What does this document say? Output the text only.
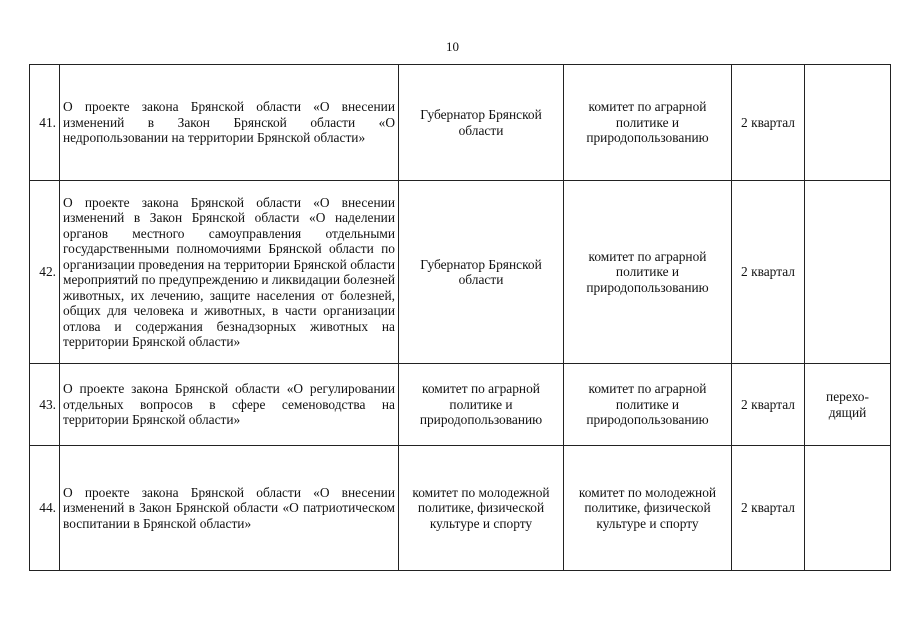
10
41.	О проекте закона Брянской области «О внесении изменений в Закон Брянской области «О недропользовании на территории Брянской области»	Губернатор Брянской области	комитет по аграрной политике и природопользованию	2 квартал	
42.	О проекте закона Брянской области «О внесении изменений в Закон Брянской области «О наделении органов местного самоуправления отдельными государственными полномочиями Брянской области по организации проведения на территории Брянской области мероприятий по предупреждению и ликвидации болезней животных, их лечению, защите населения от болезней, общих для человека и животных, в части организации отлова и содержания безнадзорных животных на территории Брянской области»	Губернатор Брянской области	комитет по аграрной политике и природопользованию	2 квартал	
43.	О проекте закона Брянской области «О регулировании отдельных вопросов в сфере семеноводства на территории Брянской области»	комитет по аграрной политике и природопользованию	комитет по аграрной политике и природопользованию	2 квартал	перехо-дящий
44.	О проекте закона Брянской области «О внесении изменений в Закон Брянской области «О патриотическом воспитании в Брянской области»	комитет по молодежной политике, физической культуре и спорту	комитет по молодежной политике, физической культуре и спорту	2 квартал	
